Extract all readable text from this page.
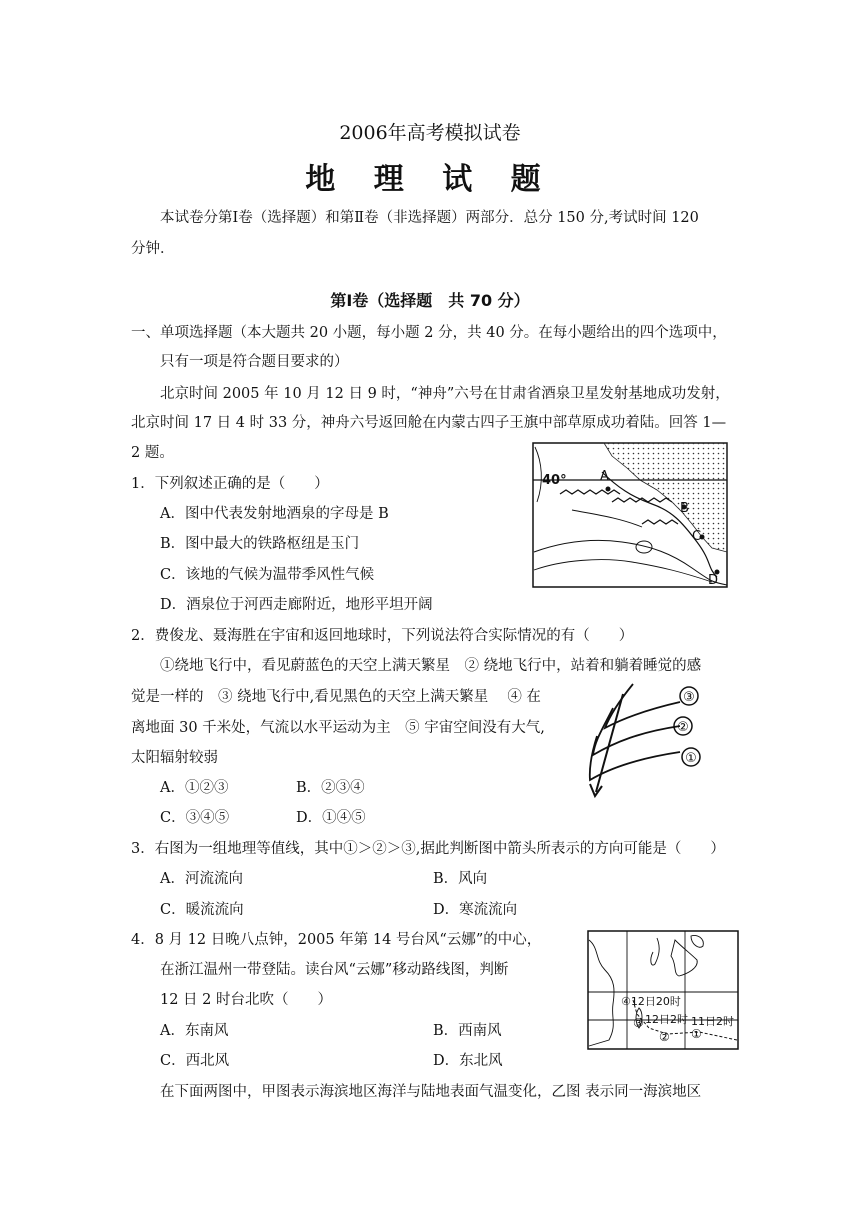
2006年高考模拟试卷
地 理 试 题
本试卷分第Ⅰ卷（选择题）和第Ⅱ卷（非选择题）两部分．总分 150 分,考试时间 120
分钟．
第Ⅰ卷（选择题　共 70 分）
一、单项选择题（本大题共 20 小题，每小题 2 分，共 40 分。在每小题给出的四个选项中，
只有一项是符合题目要求的）
北京时间 2005 年 10 月 12 日 9 时，“神舟”六号在甘肃省酒泉卫星发射基地成功发射，
北京时间 17 日 4 时 33 分，神舟六号返回舱在内蒙古四子王旗中部草原成功着陆。回答 1—
2 题。
1．下列叙述正确的是（　　）
A．图中代表发射地酒泉的字母是 B
B．图中最大的铁路枢纽是玉门
C．该地的气候为温带季风性气候
D．酒泉位于河西走廊附近，地形平坦开阔
40°	A
B
C
D
2．费俊龙、聂海胜在宇宙和返回地球时，下列说法符合实际情况的有（　　）
①绕地飞行中，看见蔚蓝色的天空上满天繁星　② 绕地飞行中，站着和躺着睡觉的感
觉是一样的　③ 绕地飞行中,看见黑色的天空上满天繁星　 ④ 在
离地面 30 千米处，气流以水平运动为主　⑤ 宇宙空间没有大气,
太阳辐射较弱
A．①②③	B．②③④
C．③④⑤	D．①④⑤
③
②
①
3．右图为一组地理等值线，其中①＞②＞③,据此判断图中箭头所表示的方向可能是（　　）
A．河流流向	B．风向
C．暖流流向	D．寒流流向
4．8 月 12 日晚八点钟，2005 年第 14 号台风“云娜”的中心，
在浙江温州一带登陆。读台风“云娜”移动路线图，判断
12 日 2 时台北吹（　　）
A．东南风	B．西南风
C．西北风	D．东北风
④12日20时
③ 12日2时 11日2时
② ①
在下面两图中，甲图表示海滨地区海洋与陆地表面气温变化，乙图 表示同一海滨地区
